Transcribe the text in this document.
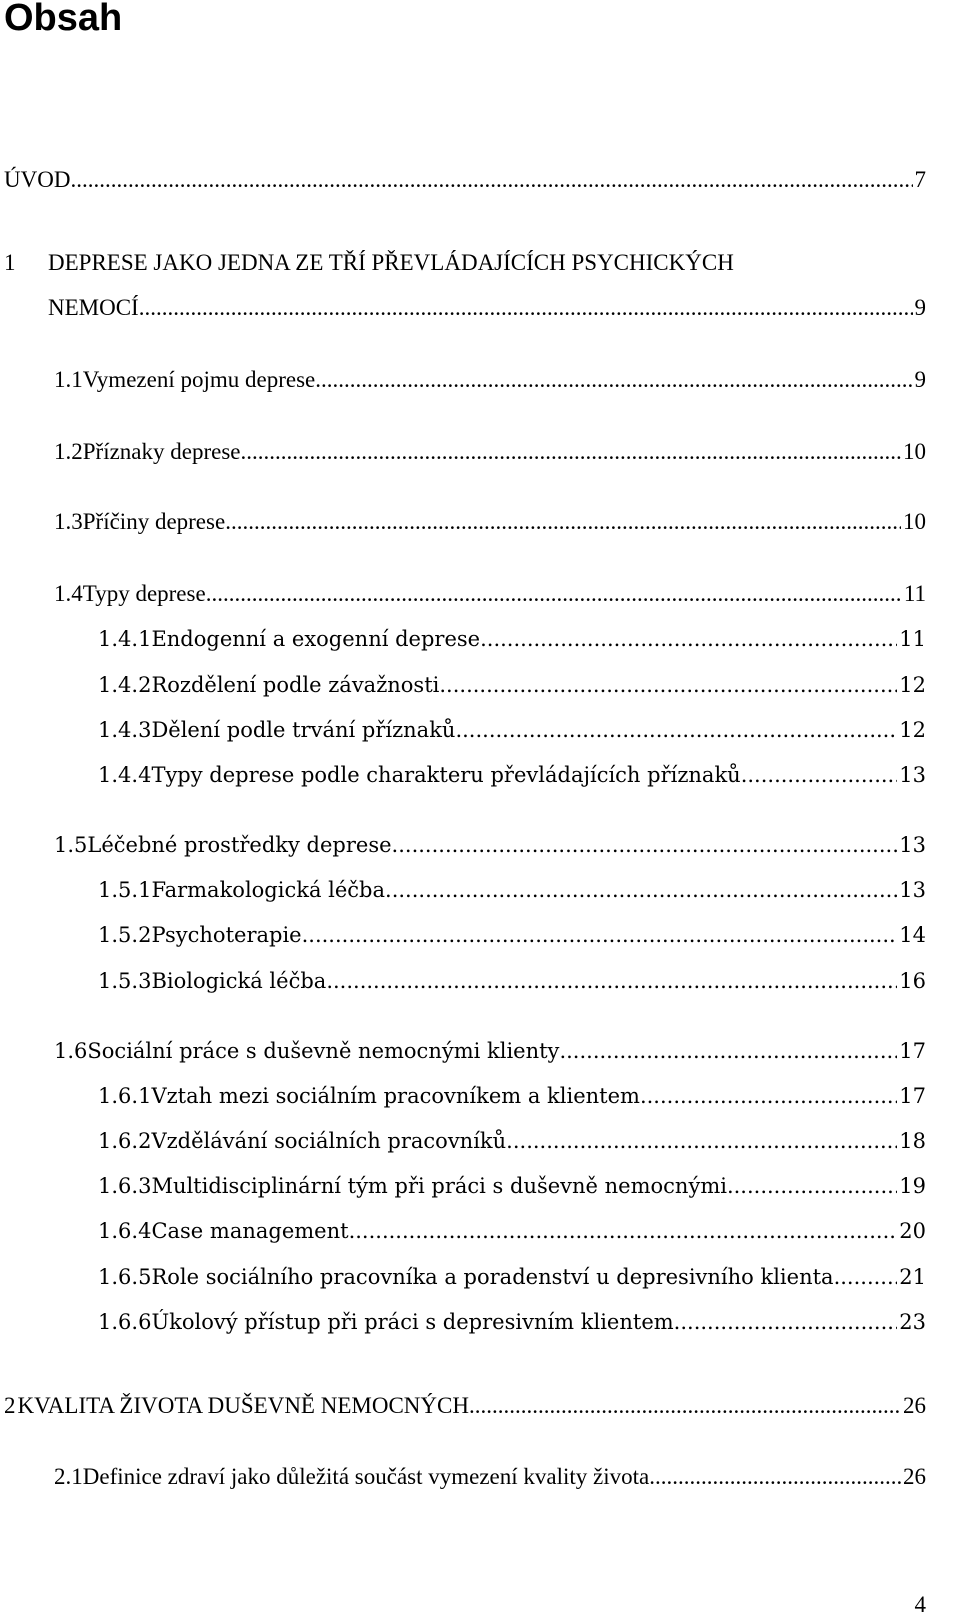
Obsah
ÚVOD .....	7
1	DEPRESE JAKO JEDNA ZE TŘÍ PŘEVLÁDAJÍCÍCH PSYCHICKÝCH
NEMOCÍ .....	9
1.1 Vymezení pojmu deprese .....	9
1.2 Příznaky deprese .....	10
1.3 Příčiny deprese .....	10
1.4 Typy deprese .....	11
1.4.1 Endogenní a exogenní deprese .....	11
1.4.2 Rozdělení podle závažnosti .....	12
1.4.3 Dělení podle trvání příznaků .....	12
1.4.4 Typy deprese podle charakteru převládajících příznaků .....	13
1.5 Léčebné prostředky deprese .....	13
1.5.1 Farmakologická léčba .....	13
1.5.2 Psychoterapie .....	14
1.5.3 Biologická léčba .....	16
1.6 Sociální práce s duševně nemocnými klienty .....	17
1.6.1 Vztah mezi sociálním pracovníkem a klientem .....	17
1.6.2 Vzdělávání sociálních pracovníků .....	18
1.6.3 Multidisciplinární tým při práci s duševně nemocnými .....	19
1.6.4 Case management .....	20
1.6.5 Role sociálního pracovníka a poradenství u depresivního klienta .....	21
1.6.6 Úkolový přístup při práci s depresivním klientem .....	23
2 KVALITA ŽIVOTA DUŠEVNĚ NEMOCNÝCH .....	26
2.1 Definice zdraví jako důležitá součást vymezení kvality života .....	26
4
